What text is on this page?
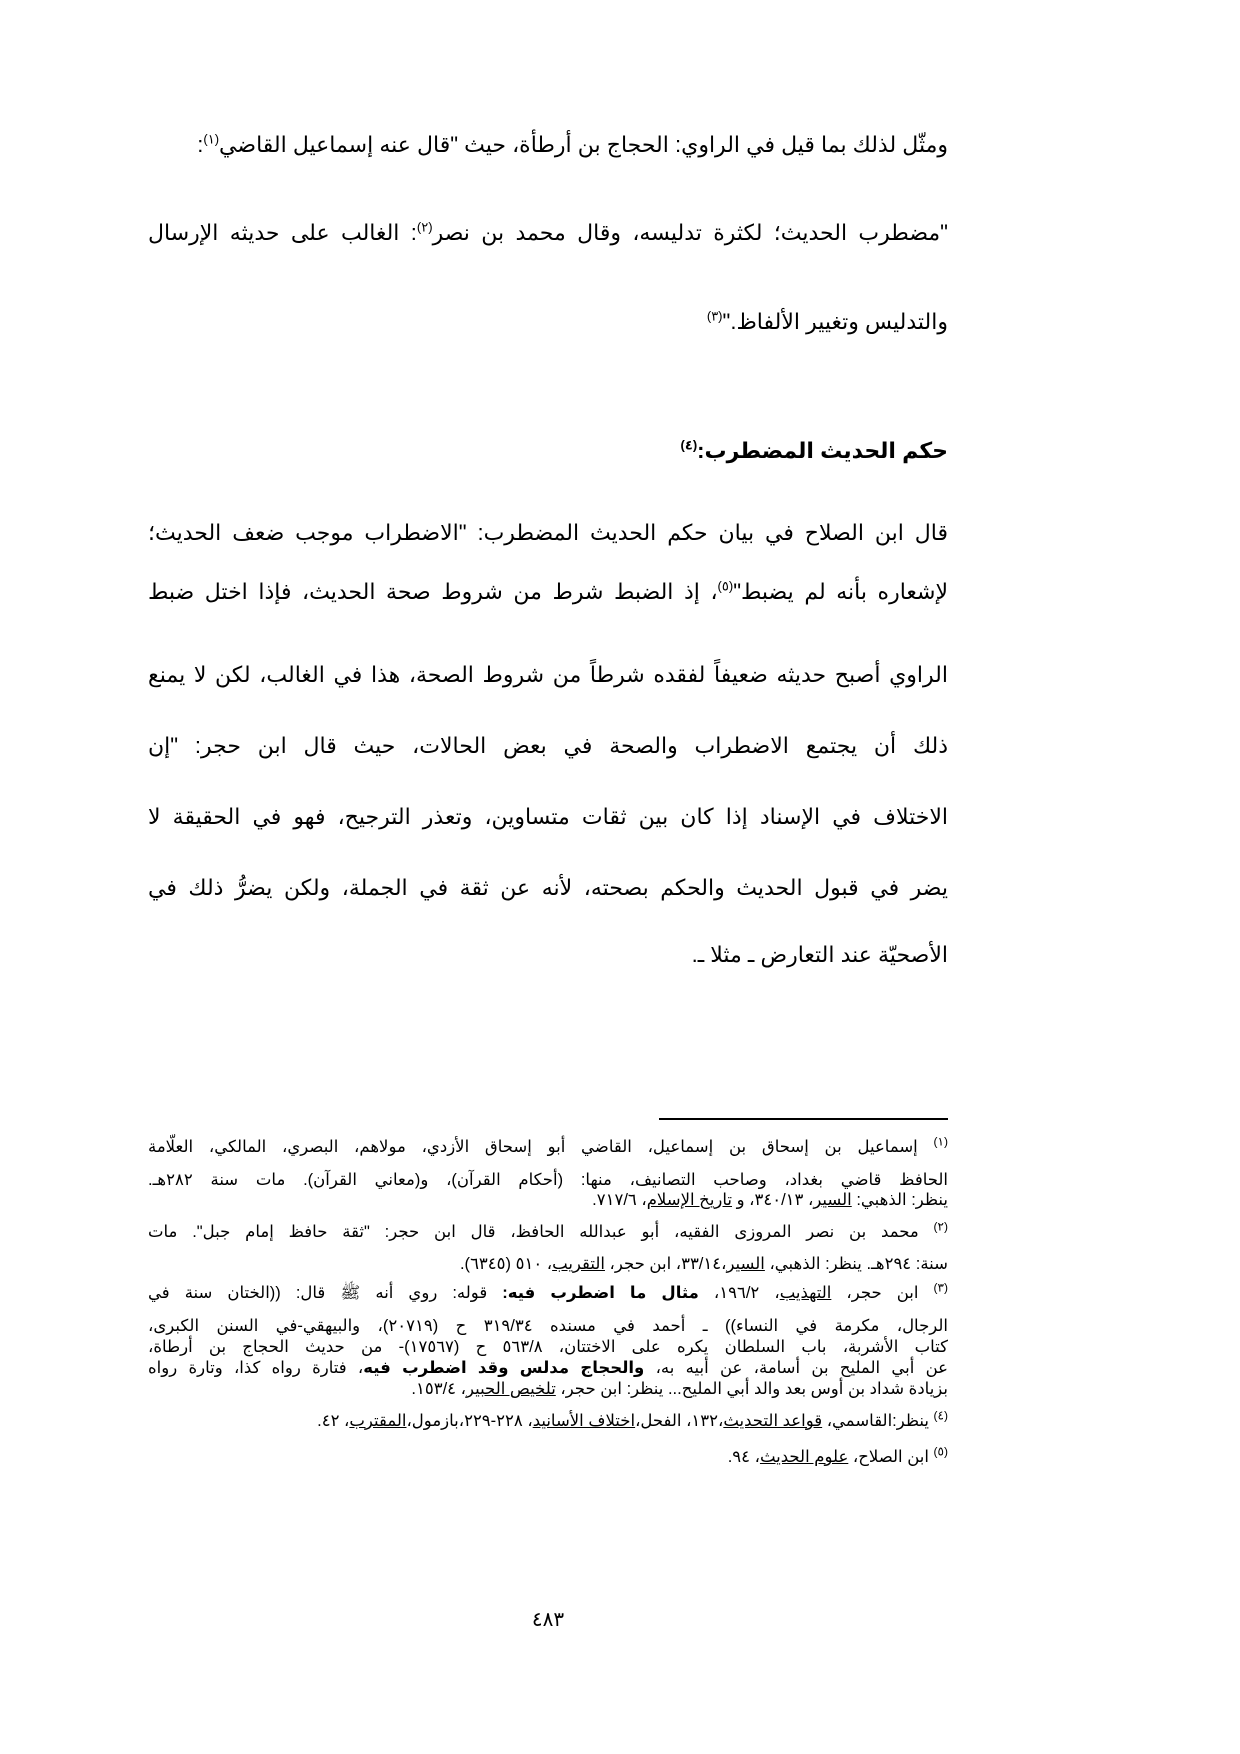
ومثّل لذلك بما قيل في الراوي: الحجاج بن أرطأة، حيث "قال عنه إسماعيل القاضي$^{(١)}$:
"مضطرب الحديث؛ لكثرة تدليسه، وقال محمد بن نصر$^{(٢)}$: الغالب على حديثه الإرسال
والتدليس وتغيير الألفاظ."$^{(٣)}$
حكم الحديث المضطرب:$^{(٤)}$
قال ابن الصلاح في بيان حكم الحديث المضطرب: "الاضطراب موجب ضعف الحديث؛
لإشعاره بأنه لم يضبط"$^{(٥)}$، إذ الضبط شرط من شروط صحة الحديث، فإذا اختل ضبط
الراوي أصبح حديثه ضعيفاً لفقده شرطاً من شروط الصحة، هذا في الغالب، لكن لا يمنع
ذلك أن يجتمع الاضطراب والصحة في بعض الحالات، حيث قال ابن حجر: "إن
الاختلاف في الإسناد إذا كان بين ثقات متساوين، وتعذر الترجيح، فهو في الحقيقة لا
يضر في قبول الحديث والحكم بصحته، لأنه عن ثقة في الجملة، ولكن يضرُّ ذلك في
الأصحيّة عند التعارض ـ مثلا ـ.
$^{(١)}$ إسماعيل بن إسحاق بن إسماعيل، القاضي أبو إسحاق الأزدي، مولاهم، البصري، المالكي، العلّامة
الحافظ قاضي بغداد، وصاحب التصانيف، منها: (أحكام القرآن)، و(معاني القرآن). مات سنة ٢٨٢هـ.
ينظر: الذهبي: السير، ٣٤٠/١٣، و تاريخ الإسلام، ٧١٧/٦.
$^{(٢)}$ محمد بن نصر المروزى الفقيه، أبو عبدالله الحافظ، قال ابن حجر: "ثقة حافظ إمام جبل". مات
سنة: ٢٩٤هـ. ينظر: الذهبي، السير،٣٣/١٤، ابن حجر، التقريب، ٥١٠ (٦٣٤٥).
$^{(٣)}$ ابن حجر، التهذيب، ١٩٦/٢، مثال ما اضطرب فيه: قوله: روي أنه ﷺ قال: ((الختان سنة في
الرجال، مكرمة في النساء)) ـ أحمد في مسنده ٣١٩/٣٤ ح (٢٠٧١٩)، والبيهقي-في السنن الكبرى،
كتاب الأشربة، باب السلطان يكره على الاختتان، ٥٦٣/٨ ح (١٧٥٦٧)- من حديث الحجاج بن أرطاة،
عن أبي المليح بن أسامة، عن أبيه به، والحجاج مدلس وقد اضطرب فيه، فتارة رواه كذا، وتارة رواه
بزيادة شداد بن أوس بعد والد أبي المليح... ينظر: ابن حجر، تلخيص الحبير، ١٥٣/٤.
$^{(٤)}$ ينظر:القاسمي، قواعد التحديث،١٣٢، الفحل،اختلاف الأسانيد، ٢٢٨-٢٢٩،بازمول،المقترب، ٤٢.
$^{(٥)}$ ابن الصلاح، علوم الحديث، ٩٤.
٤٨٣
